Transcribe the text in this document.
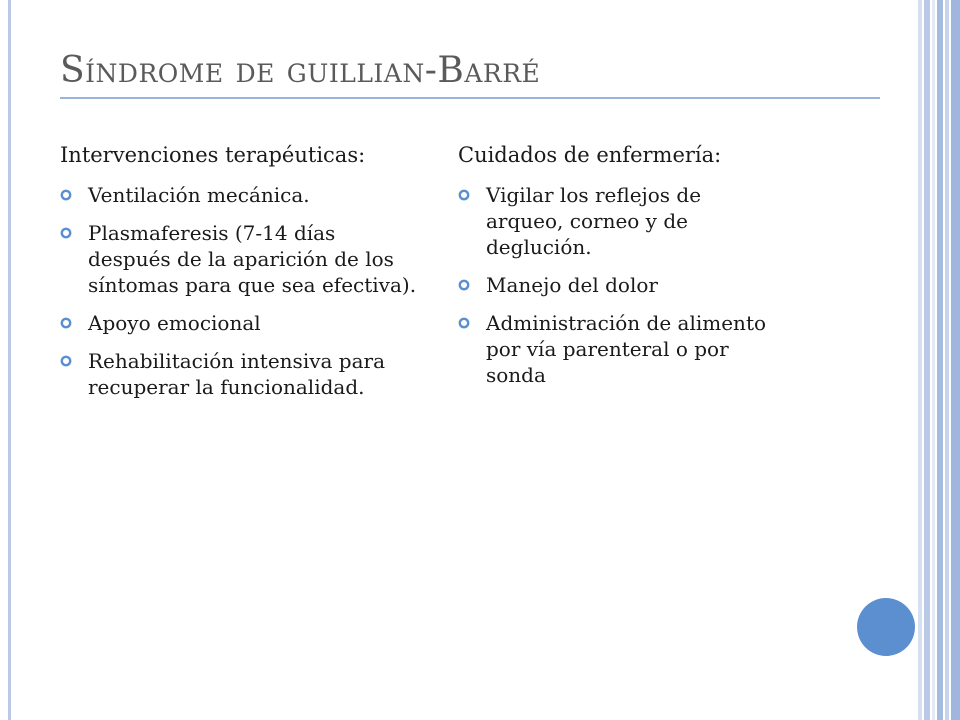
Síndrome de guillian-Barré

Intervenciones terapéuticas:

Ventilación mecánica.
Plasmaferesis (7-14 días después de la aparición de los síntomas para que sea efectiva).
Apoyo emocional
Rehabilitación intensiva para recuperar la funcionalidad.

Cuidados de enfermería:

Vigilar los reflejos de arqueo, corneo y de deglución.
Manejo del dolor
Administración de alimento por vía parenteral o por sonda
